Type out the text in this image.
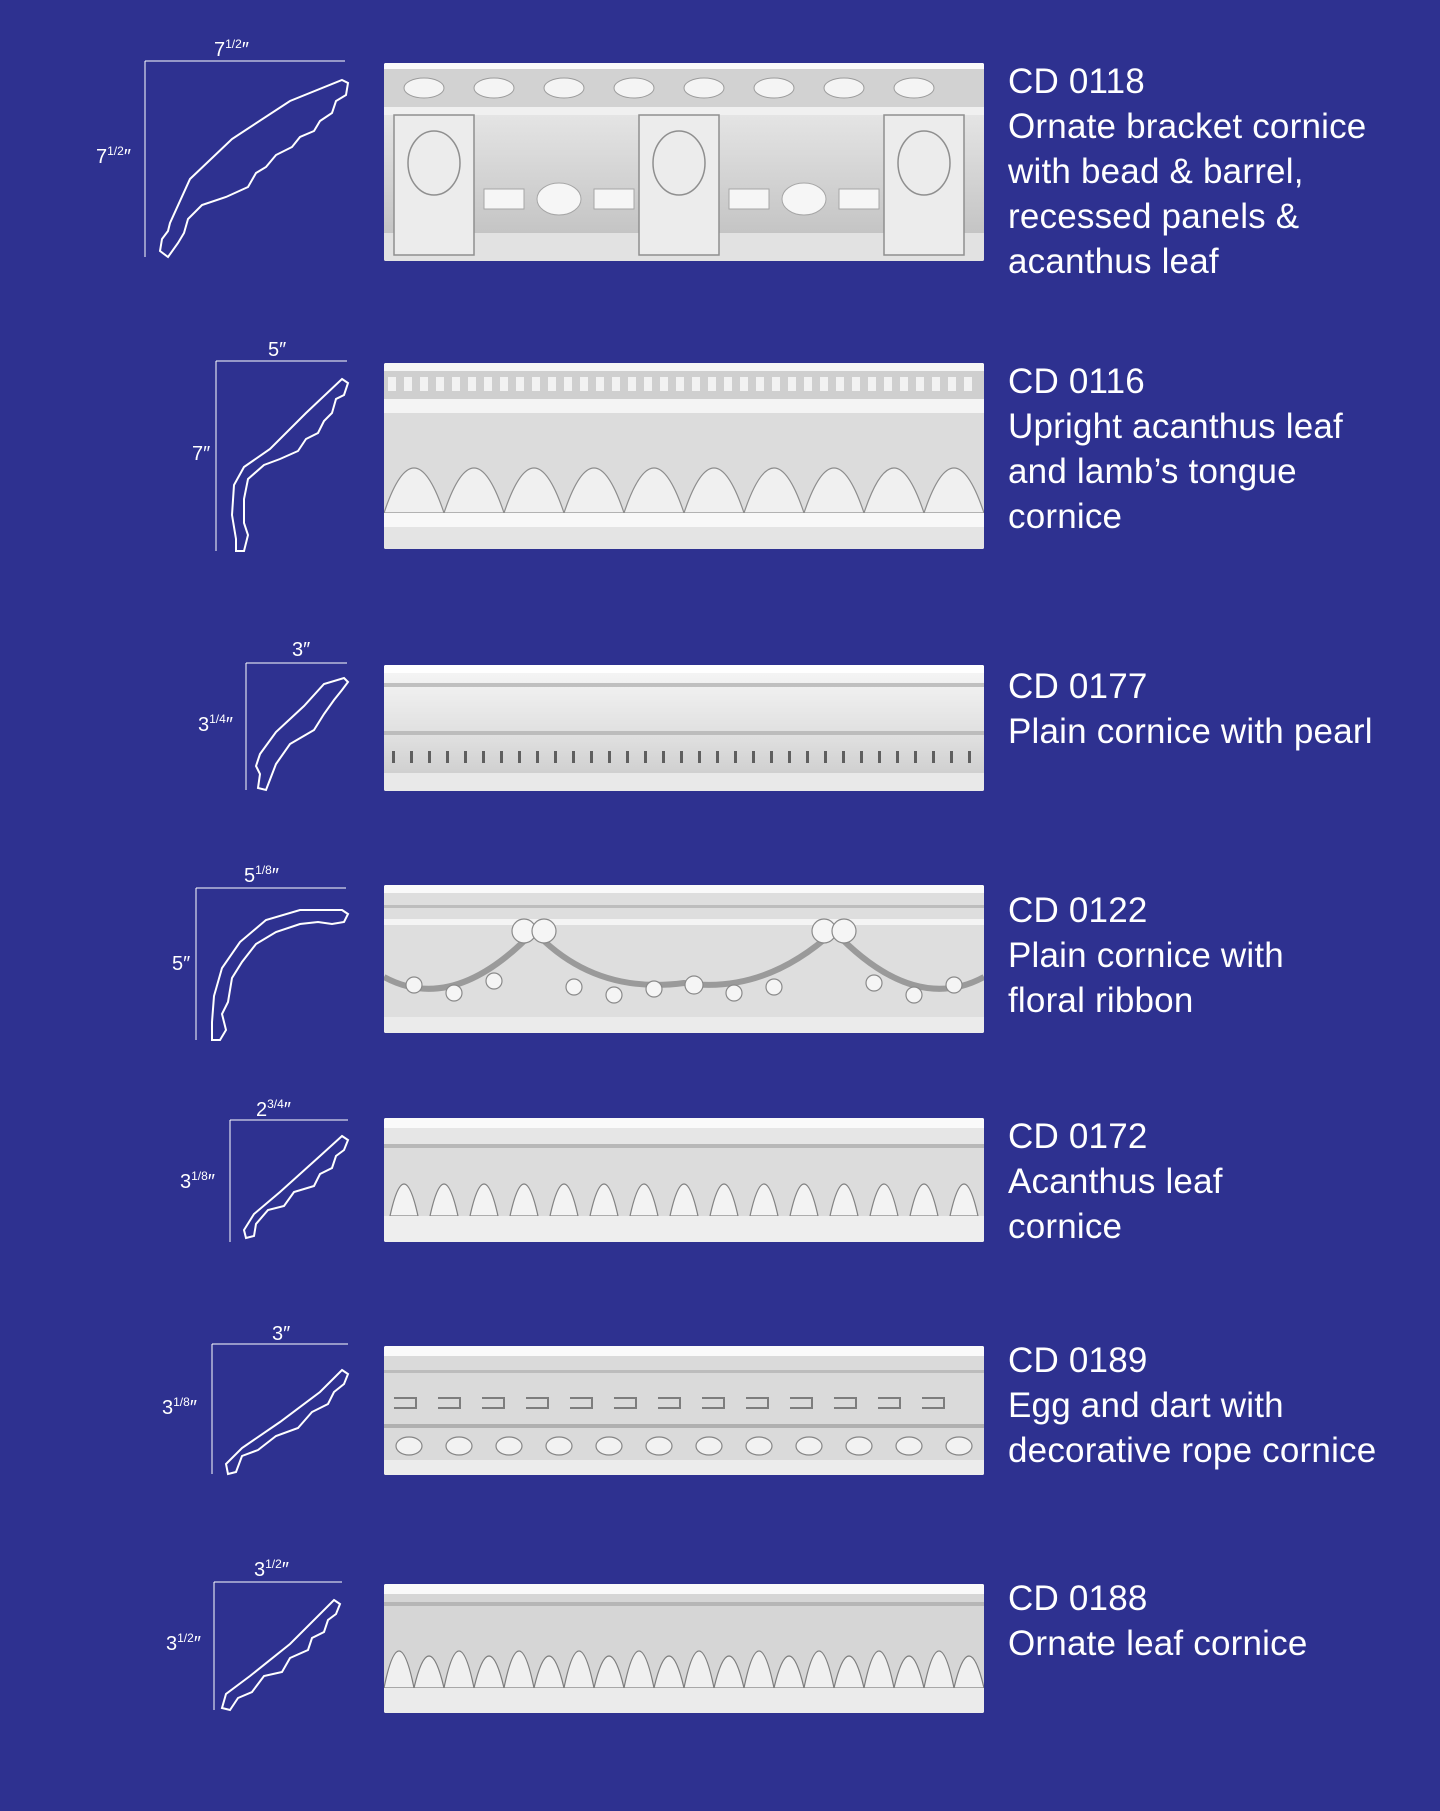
$7^{1/2}''$
$7^{1/2}''$
CD 0118
Ornate bracket cornice
with bead & barrel,
recessed panels &
acanthus leaf
5″
7″
CD 0116
Upright acanthus leaf
and lamb’s tongue
cornice
3″
$3^{1/4}''$
CD 0177
Plain cornice with pearl
$5^{1/8}''$
5″
CD 0122
Plain cornice with
floral ribbon
$2^{3/4}''$
$3^{1/8}''$
CD 0172
Acanthus leaf
cornice
3″
$3^{1/8}''$
CD 0189
Egg and dart with
decorative rope cornice
$3^{1/2}''$
$3^{1/2}''$
CD 0188
Ornate leaf cornice
